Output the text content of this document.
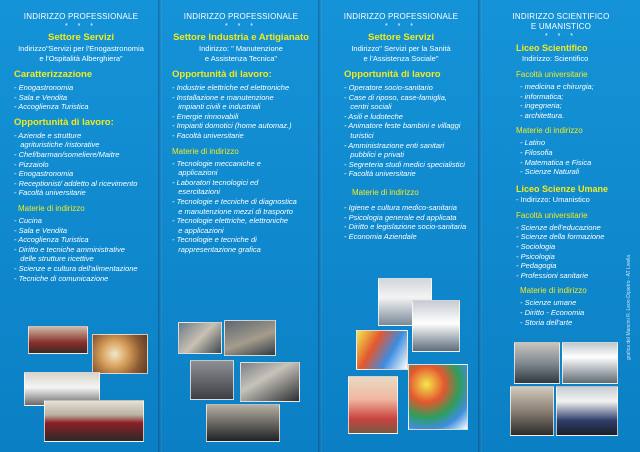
INDIRIZZO PROFESSIONALE
* * *
Settore Servizi
Indirizzo"Servizi per l'Enogastronomia
e l'Ospitalità Alberghiera"
Caratterizzazione
- Enogastronomia
- Sala e Vendita
- Accoglienza Turistica
Opportunità di lavoro:
- Aziende e strutture
agrituristiche /ristorative
- Chef/barman/someliere/Maitre
- Pizzaiolo
- Enogastronomia
- Receptionist/ addetto al ricevimento
- Facoltà universitarie
Materie di indirizzo
- Cucina
- Sala e Vendita
- Accoglienza Turistica
- Diritto e tecniche amministrative
delle strutture ricettive
- Scienze e cultura dell'alimentazione
- Tecniche di comunicazione
INDIRIZZO PROFESSIONALE
* * *
Settore Industria e Artigianato
Indirizzo: " Manutenzione
e Assistenza Tecnica"
Opportunità di lavoro:
- Industrie elettriche ed elettroniche
- Installazione e manutenzione
impianti civili e industriali
- Energie rinnovabili
- Impianti domotici (home automaz.)
- Facoltà universitarie
Materie di indirizzo
- Tecnologie meccaniche e
applicazioni
- Laboratori tecnologici ed
esercitazioni
- Tecnologie e tecniche di diagnostica
e manutenzione mezzi di trasporto
- Tecnologie elettriche, elettroniche
e applicazioni
- Tecnologie e tecniche di
rappresentazione grafica
INDIRIZZO PROFESSIONALE
* * *
Settore Servizi
Indirizzo" Servizi per la Sanità
e l'Assistenza Sociale"
Opportunità di lavoro
- Operatore socio-sanitario
- Case di riposo, case-famiglia,
centri sociali
- Asili e ludoteche
- Animatore feste bambini e villaggi
turistici
- Amministrazione enti sanitari
pubblici e privati
- Segreteria studi medici specialistici
- Facoltà universitarie
Materie di indirizzo
- Igiene e cultura medico-sanitaria
- Psicologia generale ed applicata
- Diritto e legislazione socio-sanitaria
- Economia Aziendale
INDIRIZZO SCIENTIFICO
E UMANISTICO
* * *
Liceo Scientifico
Indirizzo: Scientifico
Facoltà universitarie
- medicina e chirurgia;
- informatica;
- ingegneria;
- architettura.
Materie di indirizzo
- Latino
- Filosofia
- Matematica e Fisica
- Scienze Naturali
Liceo Scienze Umane
- Indirizzo: Umanistico
Facoltà universitarie
- Scienze dell'educazione
- Scienze della formazione
- Sociologia
- Psicologia
- Pedagogia
- Professioni sanitarie
Materie di indirizzo
- Scienze umane
- Diritto - Economia
- Storia dell'arte	grafica del Mancini R. Leon-Dipietro - AT Livella
